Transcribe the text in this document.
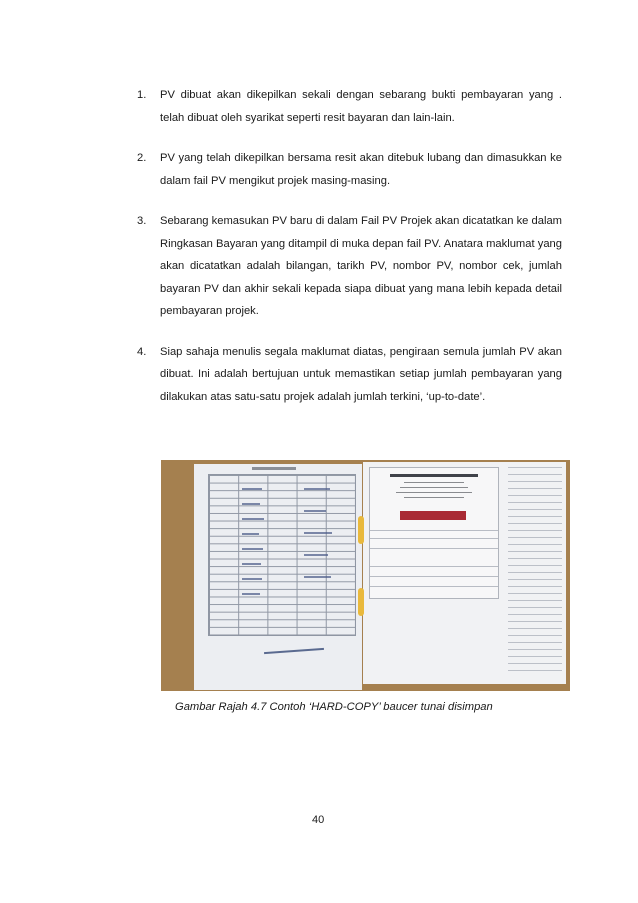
1. PV dibuat akan dikepilkan sekali dengan sebarang bukti pembayaran yang . telah dibuat oleh syarikat seperti resit bayaran dan lain-lain.
2. PV yang telah dikepilkan bersama resit akan ditebuk lubang dan dimasukkan ke dalam fail PV mengikut projek masing-masing.
3. Sebarang kemasukan PV baru di dalam Fail PV Projek akan dicatatkan ke dalam Ringkasan Bayaran yang ditampil di muka depan fail PV. Anatara maklumat yang akan dicatatkan adalah bilangan, tarikh PV, nombor PV, nombor cek, jumlah bayaran PV dan akhir sekali kepada siapa dibuat yang mana lebih kepada detail pembayaran projek.
4. Siap sahaja menulis segala maklumat diatas, pengiraan semula jumlah PV akan dibuat. Ini adalah bertujuan untuk memastikan setiap jumlah pembayaran yang dilakukan atas satu-satu projek adalah jumlah terkini, ‘up-to-date’.
Gambar Rajah 4.7 Contoh ‘HARD-COPY’ baucer tunai disimpan
40
